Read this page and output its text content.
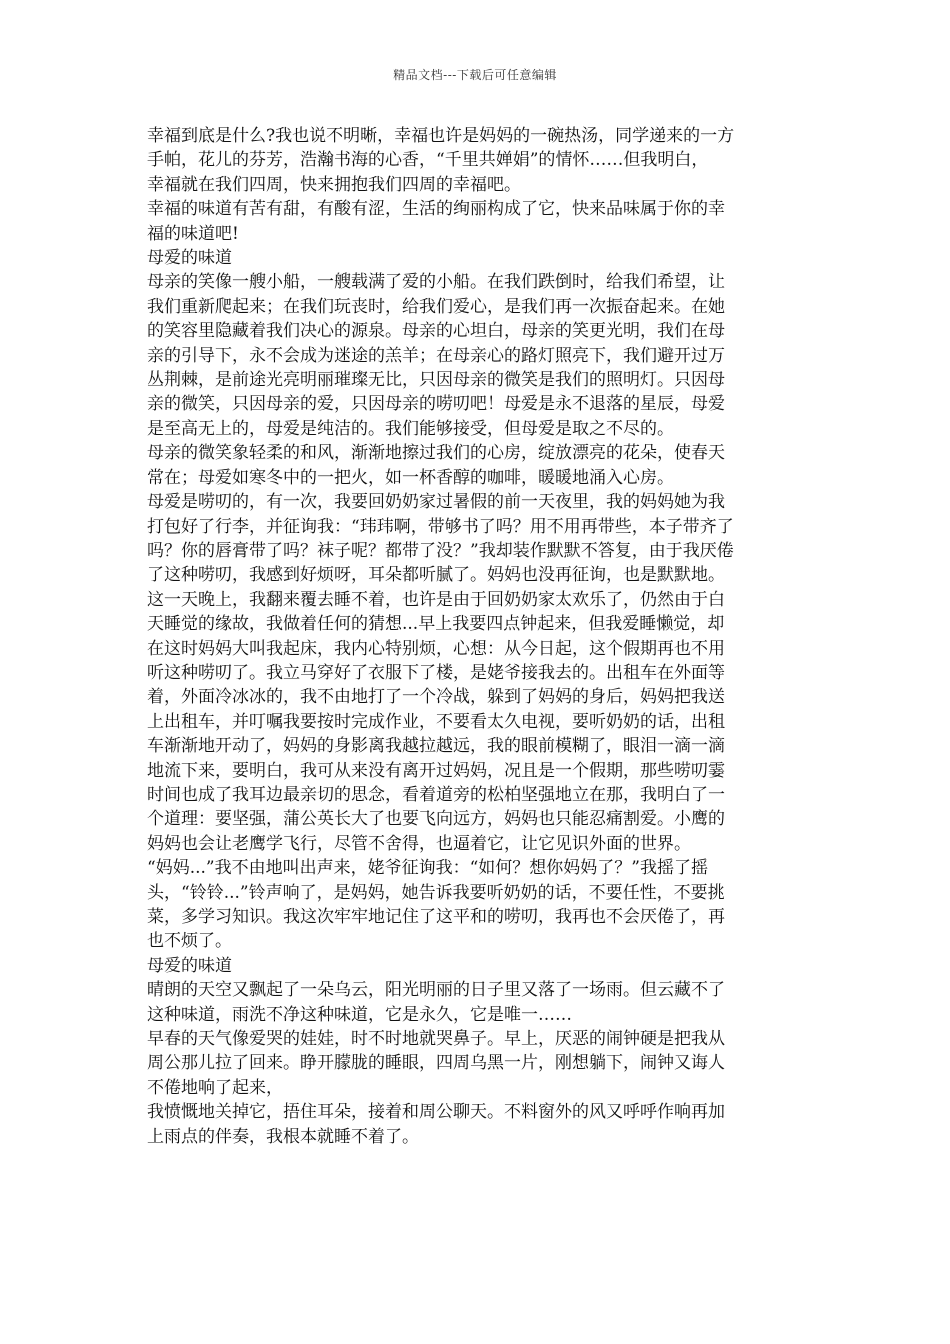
精品文档---下载后可任意编辑

幸福到底是什么?我也说不明晰，幸福也许是妈妈的一碗热汤，同学递来的一方
手帕，花儿的芬芳，浩瀚书海的心香，“千里共婵娟”的情怀……但我明白，
幸福就在我们四周，快来拥抱我们四周的幸福吧。

幸福的味道有苦有甜，有酸有涩，生活的绚丽构成了它，快来品味属于你的幸
福的味道吧!

母爱的味道

母亲的笑像一艘小船，一艘载满了爱的小船。在我们跌倒时，给我们希望，让
我们重新爬起来；在我们玩丧时，给我们爱心，是我们再一次振奋起来。在她
的笑容里隐藏着我们决心的源泉。母亲的心坦白，母亲的笑更光明，我们在母
亲的引导下，永不会成为迷途的羔羊；在母亲心的路灯照亮下，我们避开过万
丛荆棘，是前途光亮明丽璀璨无比，只因母亲的微笑是我们的照明灯。只因母
亲的微笑，只因母亲的爱，只因母亲的唠叨吧！母爱是永不退落的星辰，母爱
是至高无上的，母爱是纯洁的。我们能够接受，但母爱是取之不尽的。

母亲的微笑象轻柔的和风，渐渐地擦过我们的心房，绽放漂亮的花朵，使春天
常在；母爱如寒冬中的一把火，如一杯香醇的咖啡，暖暖地涌入心房。

母爱是唠叨的，有一次，我要回奶奶家过暑假的前一天夜里，我的妈妈她为我
打包好了行李，并征询我：“玮玮啊，带够书了吗？用不用再带些，本子带齐了
吗？你的唇膏带了吗？袜子呢？都带了没？”我却装作默默不答复，由于我厌倦
了这种唠叨，我感到好烦呀，耳朵都听腻了。妈妈也没再征询，也是默默地。
这一天晚上，我翻来覆去睡不着，也许是由于回奶奶家太欢乐了，仍然由于白
天睡觉的缘故，我做着任何的猜想...早上我要四点钟起来，但我爱睡懒觉，却
在这时妈妈大叫我起床，我内心特别烦，心想：从今日起，这个假期再也不用
听这种唠叨了。我立马穿好了衣服下了楼，是姥爷接我去的。出租车在外面等
着，外面冷冰冰的，我不由地打了一个冷战，躲到了妈妈的身后，妈妈把我送
上出租车，并叮嘱我要按时完成作业，不要看太久电视，要听奶奶的话，出租
车渐渐地开动了，妈妈的身影离我越拉越远，我的眼前模糊了，眼泪一滴一滴
地流下来，要明白，我可从来没有离开过妈妈，况且是一个假期，那些唠叨霎
时间也成了我耳边最亲切的思念，看着道旁的松柏坚强地立在那，我明白了一
个道理：要坚强，蒲公英长大了也要飞向远方，妈妈也只能忍痛割爱。小鹰的
妈妈也会让老鹰学飞行，尽管不舍得，也逼着它，让它见识外面的世界。

“妈妈...”我不由地叫出声来，姥爷征询我：“如何？想你妈妈了？”我摇了摇
头，“铃铃...”铃声响了，是妈妈，她告诉我要听奶奶的话，不要任性，不要挑
菜，多学习知识。我这次牢牢地记住了这平和的唠叨，我再也不会厌倦了，再
也不烦了。

母爱的味道

晴朗的天空又飘起了一朵乌云，阳光明丽的日子里又落了一场雨。但云藏不了
这种味道，雨洗不净这种味道，它是永久，它是唯一……

早春的天气像爱哭的娃娃，时不时地就哭鼻子。早上，厌恶的闹钟硬是把我从
周公那儿拉了回来。睁开朦胧的睡眼，四周乌黑一片，刚想躺下，闹钟又诲人
不倦地响了起来，

我愤慨地关掉它，捂住耳朵，接着和周公聊天。不料窗外的风又呼呼作响再加
上雨点的伴奏，我根本就睡不着了。
